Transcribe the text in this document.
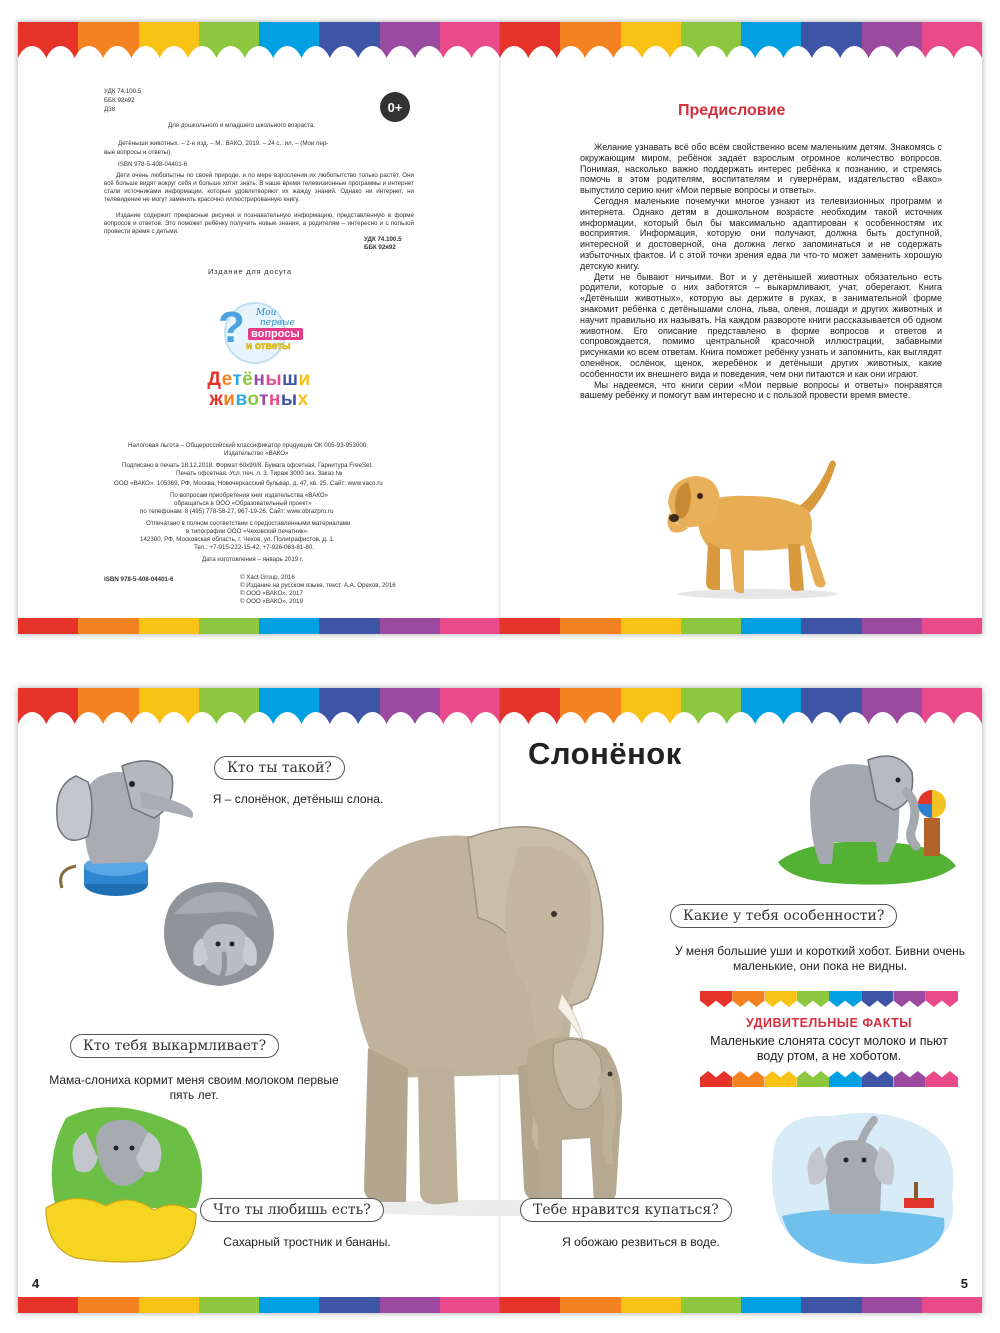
УДК 74.100.5
ББК 92я92
Д38	0+
Для дошкольного и младшего школьного возраста.
Детёныши животных. – 2-е изд. – М.: ВАКО, 2019. – 24 с.: ил. – (Мои пер-
вые вопросы и ответы).
ISBN 978-5-408-04401-6
Дети очень любопытны по своей природе, и по мере взросления их любопытство только растёт. Они всё больше видят вокруг себя и больше хотят знать. В наше время телевизионные программы и интернет стали источниками информации, которые удовлетворяют их жажду знаний. Однако ни интернет, ни телевидение не могут заменить красочно иллюстрированную книгу.
Издание содержит прекрасные рисунки и познавательную информацию, представленную в форме вопросов и ответов. Это поможет ребёнку получить новые знания, а родителям – интересно и с пользой провести время с детьми.
УДК 74.100.5
ББК 92я92
Издание для досуга
? Мои
первые
вопросы
и ответы
Детёныши
животных
Налоговая льгота – Общероссийский классификатор продукции ОК 005-93-953000.
Издательство «ВАКО»
Подписано в печать 18.12.2018. Формат 60x90/8. Бумага офсетная. Гарнитура FreeSet.
Печать офсетная. Усл. печ. л. 3. Тираж 3000 экз. Заказ №
ООО «ВАКО». 105369, РФ, Москва, Новочеркасский бульвар, д. 47, кв. 25. Сайт: www.vaco.ru
По вопросам приобретения книг издательства «ВАКО»
обращаться в ООО «Образовательный проект»
по телефонам: 8 (495) 778-58-27, 967-19-26. Сайт: www.obrazpro.ru
Отпечатано в полном соответствии с предоставленными материалами
в типографии ООО «Чеховский печатник».
142300, РФ, Московская область, г. Чехов, ул. Полиграфистов, д. 1.
Тел.: +7-915-222-15-42, +7-926-063-81-80.
Дата изготовления – январь 2019 г.
ISBN 978-5-408-04401-6	© Xact Group, 2016
© Издание на русском языке, текст. А.А. Орехов, 2016
© ООО «ВАКО», 2017
© ООО «ВАКО», 2019
Предисловие

Желание узнавать всё обо всём свойственно всем маленьким детям. Знакомясь с окружающим миром, ребёнок задаёт взрослым огромное количество вопросов. Понимая, насколько важно поддержать интерес ребёнка к познанию, и стремясь помочь в этом родителям, воспитателям и гувернёрам, издательство «Вако» выпустило серию книг «Мои первые вопросы и ответы».

Сегодня маленькие почемучки многое узнают из телевизионных программ и интернета. Однако детям в дошкольном возрасте необходим такой источник информации, который был бы максимально адаптирован к особенностям их восприятия. Информация, которую они получают, должна быть доступной, интересной и достоверной, она должна легко запоминаться и не содержать избыточных фактов. И с этой точки зрения едва ли что-то может заменить хорошую детскую книгу.

Дети не бывают ничьими. Вот и у детёнышей животных обязательно есть родители, которые о них заботятся – выкармливают, учат, оберегают. Книга «Детёныши животных», которую вы держите в руках, в занимательной форме знакомит ребёнка с детёнышами слона, льва, оленя, лошади и других животных и научит правильно их называть. На каждом развороте книги рассказывается об одном животном. Его описание представлено в форме вопросов и ответов и сопровождается, помимо центральной красочной иллюстрации, забавными рисунками ко всем ответам. Книга поможет ребёнку узнать и запомнить, как выглядят оленёнок, ослёнок, щенок, жеребёнок и детёныши других животных, какие особенности их внешнего вида и поведения, чем они питаются и как они играют.

Мы надеемся, что книги серии «Мои первые вопросы и ответы» понравятся вашему ребёнку и помогут вам интересно и с пользой провести время вместе.

Слонёнок
Кто ты такой?
Я – слонёнок, детёныш слона.
Кто тебя выкармливает?
Мама-слониха кормит меня своим молоком первые пять лет.
Что ты любишь есть?
Сахарный тростник и бананы.
Какие у тебя особенности?
У меня большие уши и короткий хобот. Бивни очень маленькие, они пока не видны.
Тебе нравится купаться?
Я обожаю резвиться в воде.
УДИВИТЕЛЬНЫЕ ФАКТЫ
Маленькие слонята сосут молоко и пьют воду ртом, а не хоботом.
4	5
